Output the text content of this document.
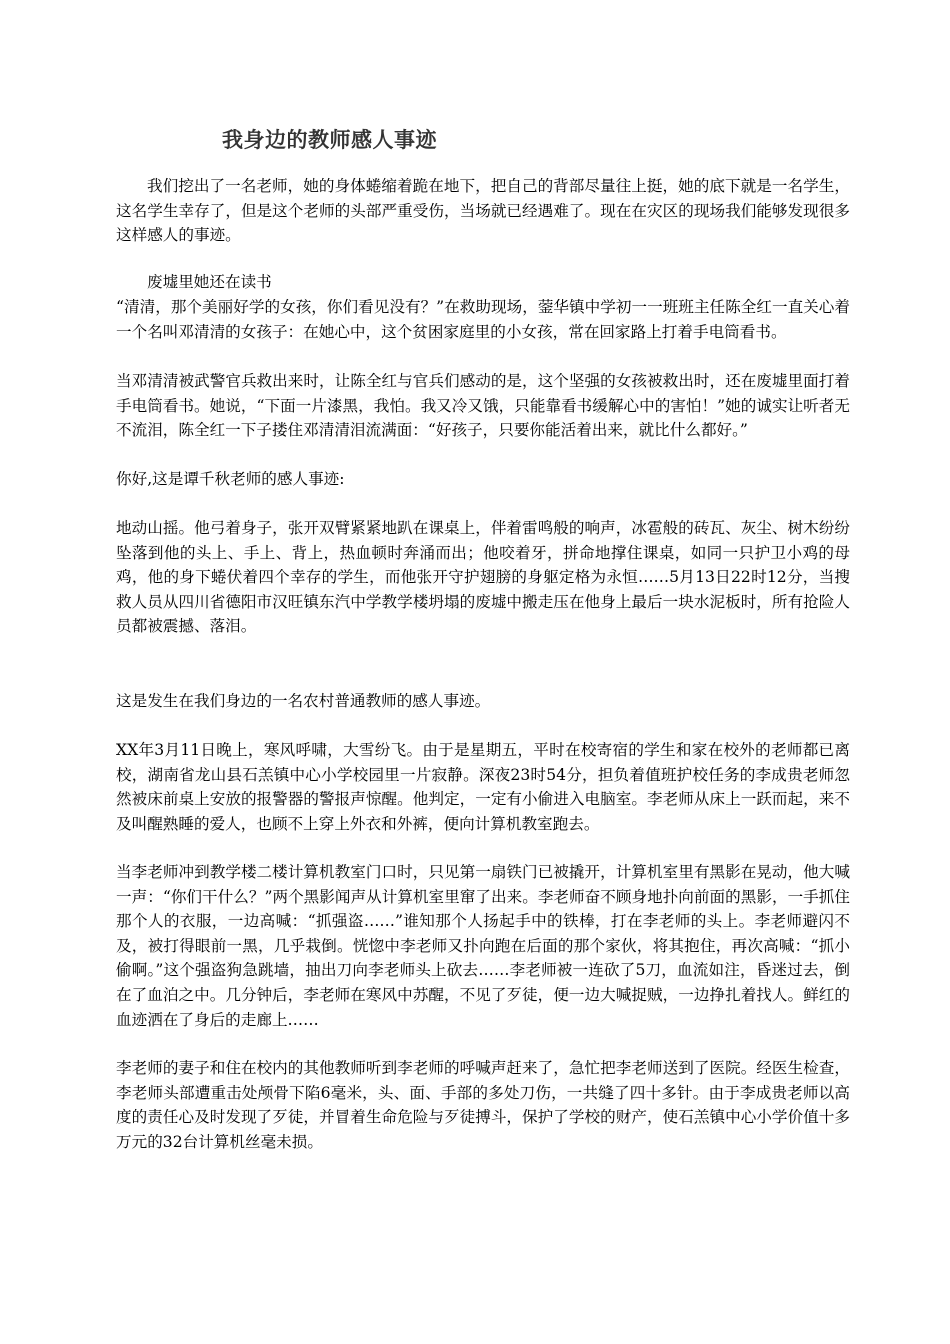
我身边的教师感人事迹

我们挖出了一名老师，她的身体蜷缩着跪在地下，把自己的背部尽量往上挺，她的底下就是一名学生，这名学生幸存了，但是这个老师的头部严重受伤，当场就已经遇难了。现在在灾区的现场我们能够发现很多这样感人的事迹。

废墟里她还在读书

“清清，那个美丽好学的女孩，你们看见没有？”在救助现场，蓥华镇中学初一一班班主任陈全红一直关心着一个名叫邓清清的女孩子：在她心中，这个贫困家庭里的小女孩，常在回家路上打着手电筒看书。

当邓清清被武警官兵救出来时，让陈全红与官兵们感动的是，这个坚强的女孩被救出时，还在废墟里面打着手电筒看书。她说，“下面一片漆黑，我怕。我又冷又饿，只能靠看书缓解心中的害怕！”她的诚实让听者无不流泪，陈全红一下子搂住邓清清泪流满面：“好孩子，只要你能活着出来，就比什么都好。”

你好,这是谭千秋老师的感人事迹:

地动山摇。他弓着身子，张开双臂紧紧地趴在课桌上，伴着雷鸣般的响声，冰雹般的砖瓦、灰尘、树木纷纷坠落到他的头上、手上、背上，热血顿时奔涌而出；他咬着牙，拼命地撑住课桌，如同一只护卫小鸡的母鸡，他的身下蜷伏着四个幸存的学生，而他张开守护翅膀的身躯定格为永恒……5月13日22时12分，当搜救人员从四川省德阳市汉旺镇东汽中学教学楼坍塌的废墟中搬走压在他身上最后一块水泥板时，所有抢险人员都被震撼、落泪。

这是发生在我们身边的一名农村普通教师的感人事迹。

XX年3月11日晚上，寒风呼啸，大雪纷飞。由于是星期五，平时在校寄宿的学生和家在校外的老师都已离校，湖南省龙山县石羔镇中心小学校园里一片寂静。深夜23时54分，担负着值班护校任务的李成贵老师忽然被床前桌上安放的报警器的警报声惊醒。他判定，一定有小偷进入电脑室。李老师从床上一跃而起，来不及叫醒熟睡的爱人，也顾不上穿上外衣和外裤，便向计算机教室跑去。

当李老师冲到教学楼二楼计算机教室门口时，只见第一扇铁门已被撬开，计算机室里有黑影在晃动，他大喊一声：“你们干什么？”两个黑影闻声从计算机室里窜了出来。李老师奋不顾身地扑向前面的黑影，一手抓住那个人的衣服，一边高喊：“抓强盗……”谁知那个人扬起手中的铁棒，打在李老师的头上。李老师避闪不及，被打得眼前一黑，几乎栽倒。恍惚中李老师又扑向跑在后面的那个家伙，将其抱住，再次高喊：“抓小偷啊。”这个强盗狗急跳墙，抽出刀向李老师头上砍去……李老师被一连砍了5刀，血流如注，昏迷过去，倒在了血泊之中。几分钟后，李老师在寒风中苏醒，不见了歹徒，便一边大喊捉贼，一边挣扎着找人。鲜红的血迹洒在了身后的走廊上……

李老师的妻子和住在校内的其他教师听到李老师的呼喊声赶来了，急忙把李老师送到了医院。经医生检查，李老师头部遭重击处颅骨下陷6毫米，头、面、手部的多处刀伤，一共缝了四十多针。由于李成贵老师以高度的责任心及时发现了歹徒，并冒着生命危险与歹徒搏斗，保护了学校的财产，使石羔镇中心小学价值十多万元的32台计算机丝毫未损。
